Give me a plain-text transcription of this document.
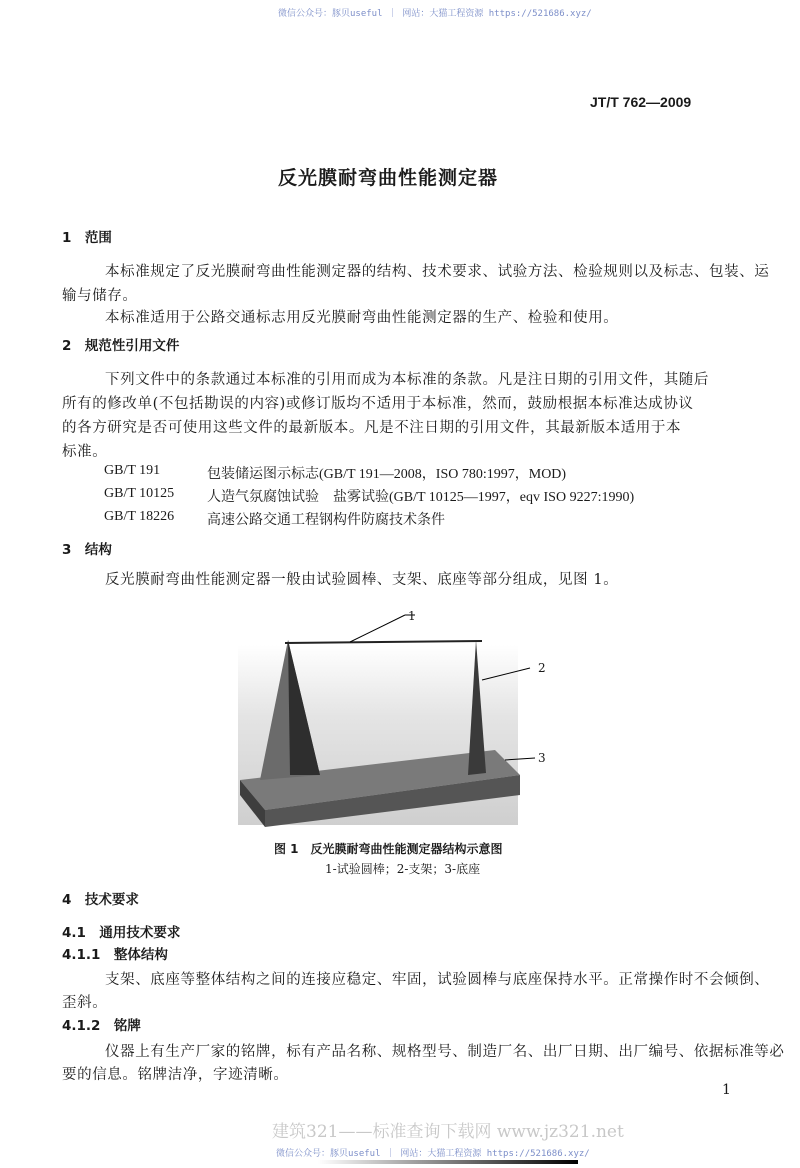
微信公众号：豚贝useful ｜ 网站：大猫工程资源 https://521686.xyz/
JT/T 762—2009
反光膜耐弯曲性能测定器
1　范围
本标准规定了反光膜耐弯曲性能测定器的结构、技术要求、试验方法、检验规则以及标志、包装、运
输与储存。
本标准适用于公路交通标志用反光膜耐弯曲性能测定器的生产、检验和使用。
2　规范性引用文件
下列文件中的条款通过本标准的引用而成为本标准的条款。凡是注日期的引用文件，其随后
所有的修改单(不包括勘误的内容)或修订版均不适用于本标准，然而，鼓励根据本标准达成协议
的各方研究是否可使用这些文件的最新版本。凡是不注日期的引用文件，其最新版本适用于本
标准。
GB/T 191	包装储运图示标志(GB/T 191—2008，ISO 780:1997，MOD)
GB/T 10125 人造气氛腐蚀试验　盐雾试验(GB/T 10125—1997，eqv ISO 9227:1990)
GB/T 18226 高速公路交通工程钢构件防腐技术条件
3　结构
反光膜耐弯曲性能测定器一般由试验圆棒、支架、底座等部分组成，见图 1。
1
2
3
图 1　反光膜耐弯曲性能测定器结构示意图
1-试验圆棒；2-支架；3-底座
4　技术要求
4.1　通用技术要求
4.1.1　整体结构
支架、底座等整体结构之间的连接应稳定、牢固，试验圆棒与底座保持水平。正常操作时不会倾倒、
歪斜。
4.1.2　铭牌
仪器上有生产厂家的铭牌，标有产品名称、规格型号、制造厂名、出厂日期、出厂编号、依据标准等必
要的信息。铭牌洁净，字迹清晰。
1
建筑321——标准查询下载网 www.jz321.net
微信公众号：豚贝useful ｜ 网站：大猫工程资源 https://521686.xyz/
